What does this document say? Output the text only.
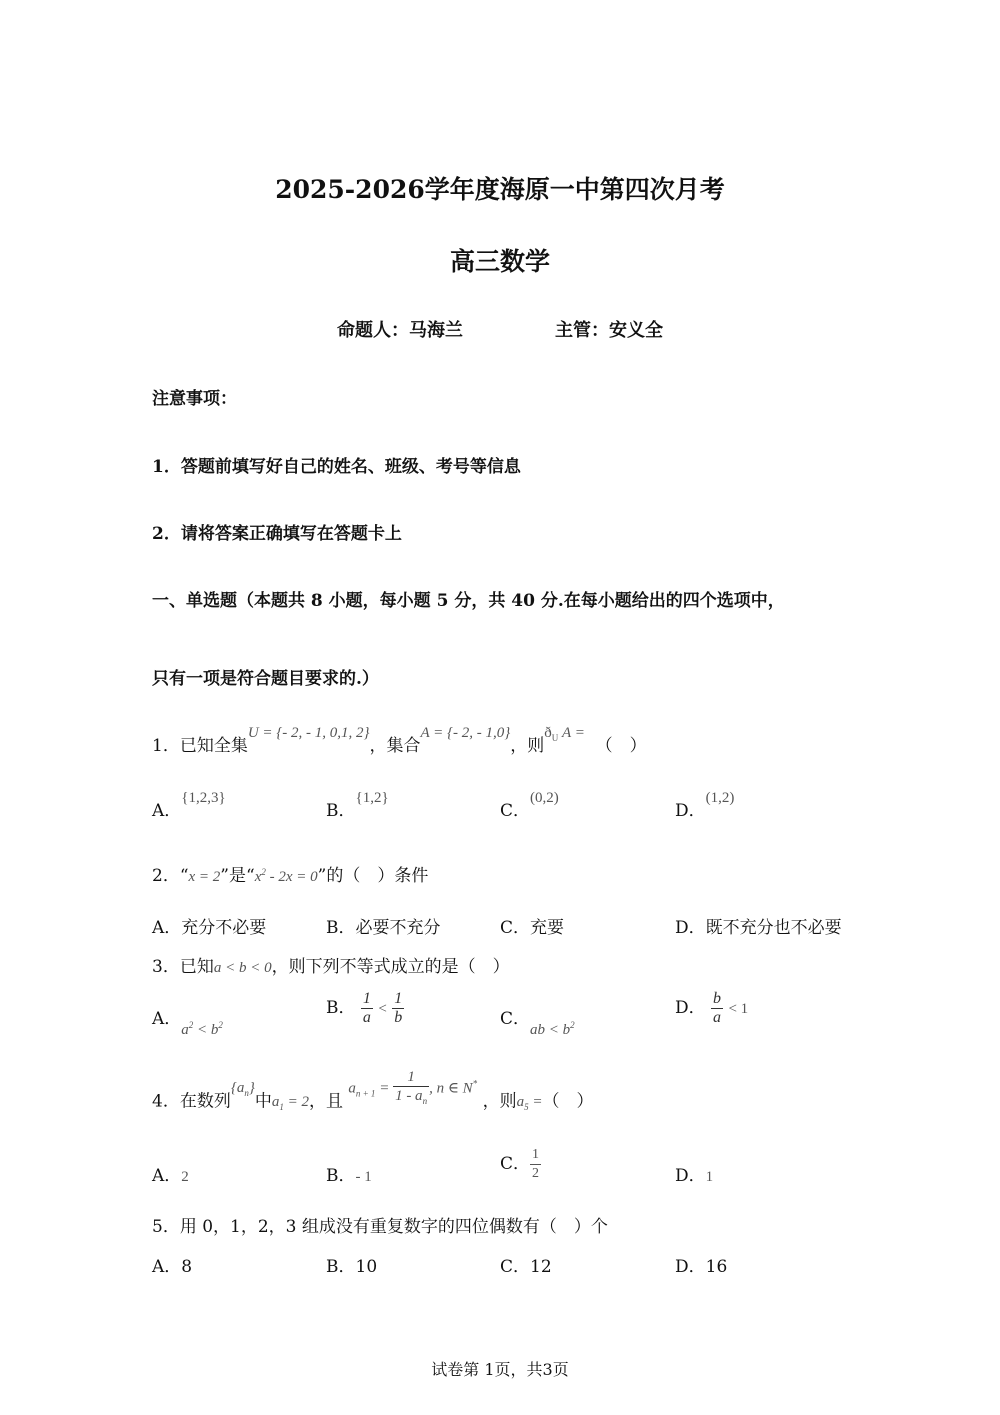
2025-2026学年度海原一中第四次月考
高三数学
命题人：马海兰	主管：安义全
注意事项：
1．答题前填写好自己的姓名、班级、考号等信息
2．请将答案正确填写在答题卡上
一、单选题（本题共 8 小题，每小题 5 分，共 40 分.在每小题给出的四个选项中，
只有一项是符合题目要求的.）
1．已知全集U = {- 2, - 1, 0,1, 2}，集合A = {- 2, - 1,0}，则$ð_U$ A =  （　）
A．{1,2,3}
B．{1,2}
C．(0,2)
D．(1,2)
2．“x = 2”是“$x^2 - 2x = 0$”的（　）条件
A．充分不必要	B．必要不充分	C．充要	D．既不充分也不必要
3．已知a < b < 0，则下列不等式成立的是（　）
A．$a^2 < b^2$
B． $\frac{1}{a} < \frac{1}{b}$	C．ab < $b^2$
D． $\frac{b}{a} < 1$
4．在数列$\{a_n\}$中$a_1 = 2$，且 $a_{n + 1} = \frac{1}{1 - a_n}$ , n ∈ N* ，则$a_5$ =（　）
A．2	B．- 1
C． $\frac{1}{2}$	D．1
5．用 0，1，2，3 组成没有重复数字的四位偶数有（　）个
A．8	B．10	C．12	D．16
试卷第 1页，共3页
